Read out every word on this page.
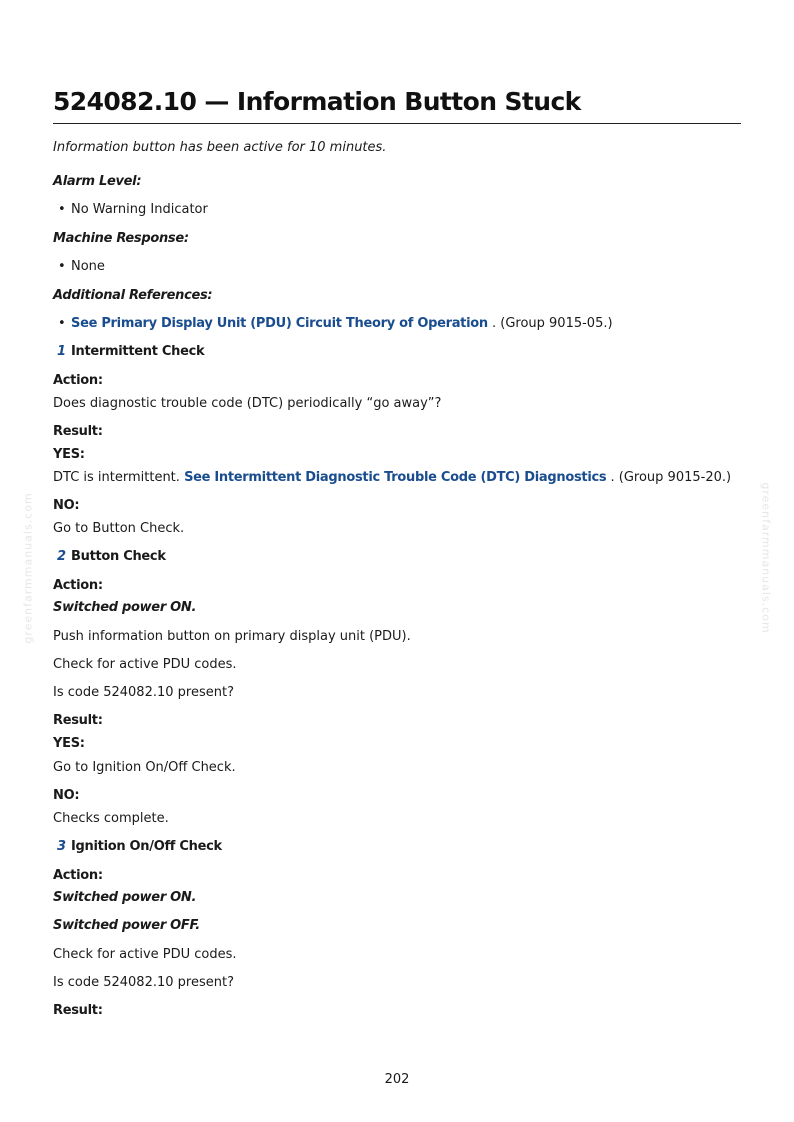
524082.10 — Information Button Stuck
Information button has been active for 10 minutes.
Alarm Level:
• No Warning Indicator
Machine Response:
• None
Additional References:
• See Primary Display Unit (PDU) Circuit Theory of Operation . (Group 9015-05.)
1 Intermittent Check
Action:
Does diagnostic trouble code (DTC) periodically “go away”?
Result:
YES:
DTC is intermittent. See Intermittent Diagnostic Trouble Code (DTC) Diagnostics . (Group 9015-20.)
NO:
Go to Button Check.
2 Button Check
Action:
Switched power ON.
Push information button on primary display unit (PDU).
Check for active PDU codes.
Is code 524082.10 present?
Result:
YES:
Go to Ignition On/Off Check.
NO:
Checks complete.
3 Ignition On/Off Check
Action:
Switched power ON.
Switched power OFF.
Check for active PDU codes.
Is code 524082.10 present?
Result:
greenfarmmanuals.com	greenfarmmanuals.com
202
